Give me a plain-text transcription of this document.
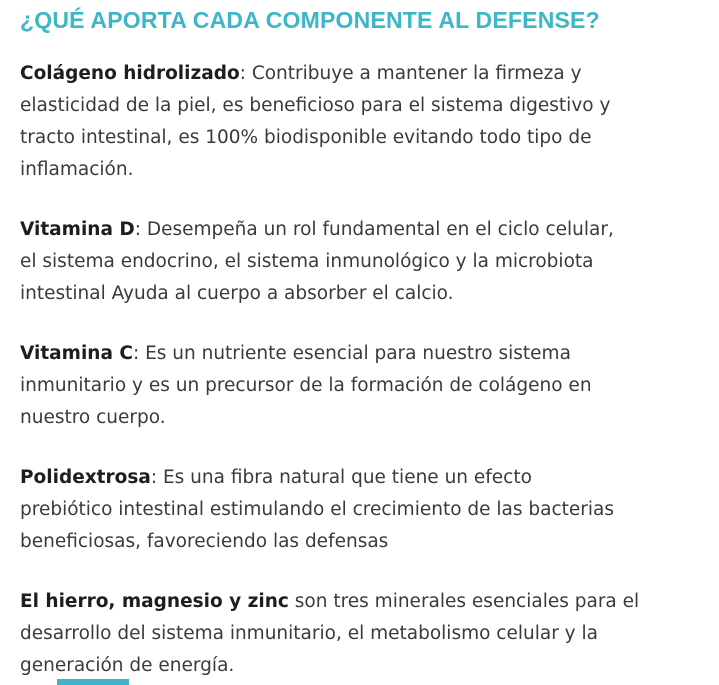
¿QUÉ APORTA CADA COMPONENTE AL DEFENSE?

Colágeno hidrolizado: Contribuye a mantener la firmeza y
elasticidad de la piel, es beneficioso para el sistema digestivo y
tracto intestinal, es 100% biodisponible evitando todo tipo de
inflamación.

Vitamina D: Desempeña un rol fundamental en el ciclo celular,
el sistema endocrino, el sistema inmunológico y la microbiota
intestinal Ayuda al cuerpo a absorber el calcio.

Vitamina C: Es un nutriente esencial para nuestro sistema
inmunitario y es un precursor de la formación de colágeno en
nuestro cuerpo.

Polidextrosa: Es una fibra natural que tiene un efecto
prebiótico intestinal estimulando el crecimiento de las bacterias
beneficiosas, favoreciendo las defensas

El hierro, magnesio y zinc son tres minerales esenciales para el
desarrollo del sistema inmunitario, el metabolismo celular y la
generación de energía.
